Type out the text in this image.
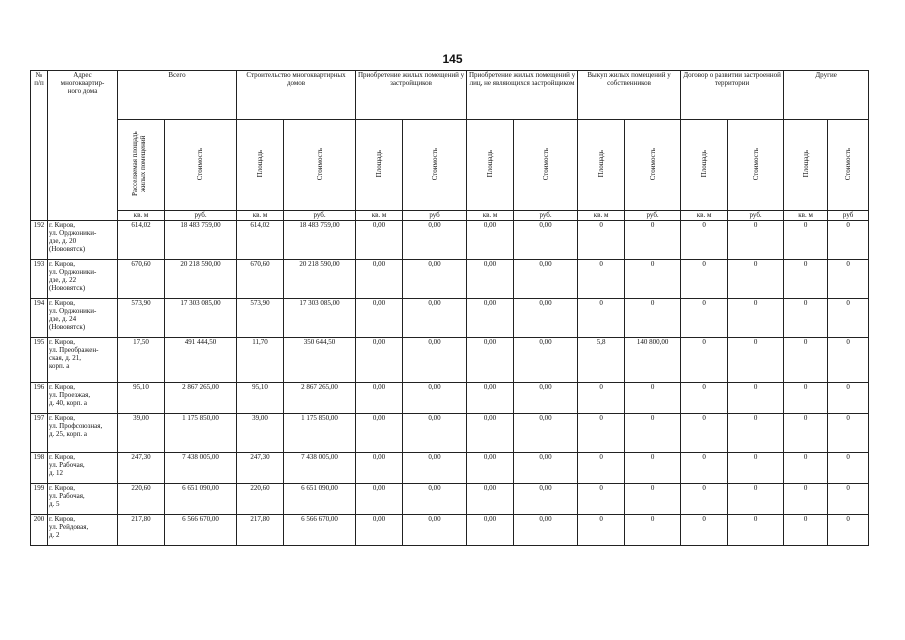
145
№
п/п	Адрес
многоквартир-
ного дома	Всего		Строительство многоквартирных домов		Приобретение жилых помещений у застройщиков		Приобретение жилых помещений у лиц, не являющихся застройщиком		Выкуп жилых помещений у собственников		Договор о развитии застроенной территории		Другие	
		Расселяемая площадь жилых помещений	Стоимость	Площадь	Стоимость	Площадь	Стоимость	Площадь	Стоимость	Площадь	Стоимость	Площадь	Стоимость	Площадь	Стоимость
		кв. м	руб.	кв. м	руб.	кв. м	руб	кв. м	руб.	кв. м	руб.	кв. м	руб.	кв. м	руб
192	г. Киров,
ул. Орджоники-
дзе, д. 20
(Нововятск)	614,02	18 483 759,00	614,02	18 483 759,00	0,00	0,00	0,00	0,00	0	0	0	0	0	0
193	г. Киров,
ул. Орджоники-
дзе, д. 22
(Нововятск)	670,60	20 218 590,00	670,60	20 218 590,00	0,00	0,00	0,00	0,00	0	0	0	0	0	0
194	г. Киров,
ул. Орджоники-
дзе, д. 24
(Нововятск)	573,90	17 303 085,00	573,90	17 303 085,00	0,00	0,00	0,00	0,00	0	0	0	0	0	0
195	г. Киров,
ул. Преображен-
ская, д. 21,
корп. а	17,50	491 444,50	11,70	350 644,50	0,00	0,00	0,00	0,00	5,8	140 800,00	0	0	0	0
196	г. Киров,
ул. Проезжая,
д. 40, корп. а	95,10	2 867 265,00	95,10	2 867 265,00	0,00	0,00	0,00	0,00	0	0	0	0	0	0
197	г. Киров,
ул. Профсоюзная,
д. 25, корп. а	39,00	1 175 850,00	39,00	1 175 850,00	0,00	0,00	0,00	0,00	0	0	0	0	0	0
198	г. Киров,
ул. Рабочая,
д. 12	247,30	7 438 005,00	247,30	7 438 005,00	0,00	0,00	0,00	0,00	0	0	0	0	0	0
199	г. Киров,
ул. Рабочая,
д. 5	220,60	6 651 090,00	220,60	6 651 090,00	0,00	0,00	0,00	0,00	0	0	0	0	0	0
200	г. Киров,
ул. Рейдовая,
д. 2	217,80	6 566 670,00	217,80	6 566 670,00	0,00	0,00	0,00	0,00	0	0	0	0	0	0
